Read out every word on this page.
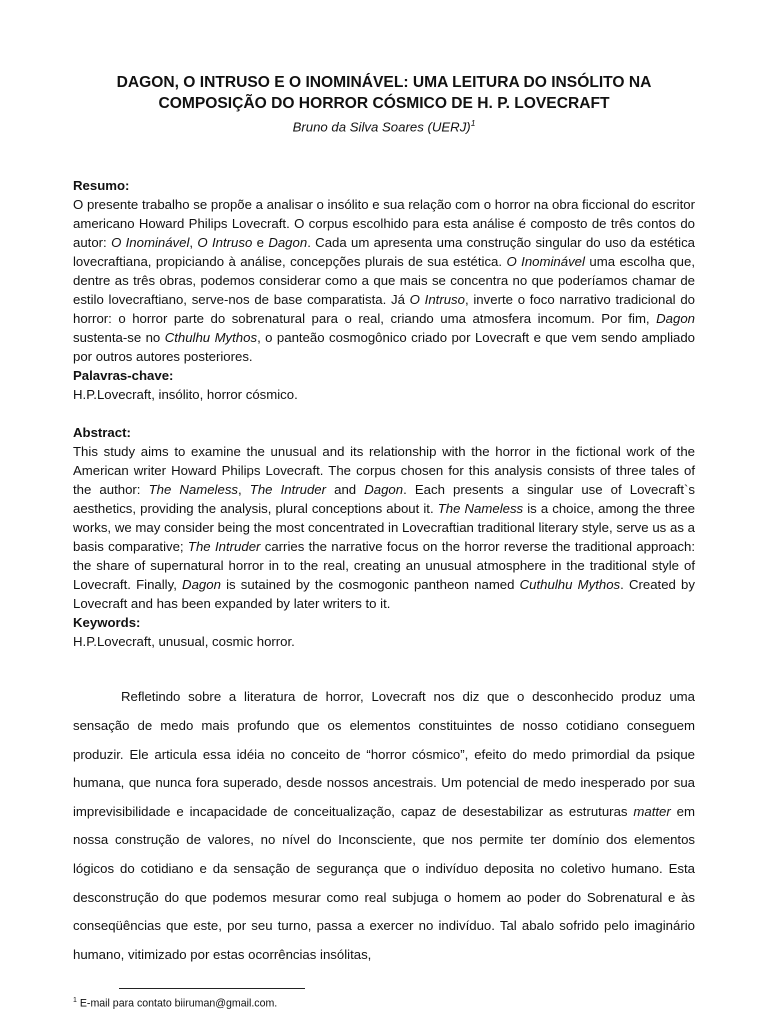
DAGON, O INTRUSO E O INOMINÁVEL: UMA LEITURA DO INSÓLITO NA
COMPOSIÇÃO DO HORROR CÓSMICO DE H. P. LOVECRAFT

Bruno da Silva Soares (UERJ)$^1$

Resumo:

O presente trabalho se propõe a analisar o insólito e sua relação com o horror na obra ficcional do escritor americano Howard Philips Lovecraft. O corpus escolhido para esta análise é composto de três contos do autor: O Inominável, O Intruso e Dagon. Cada um apresenta uma construção singular do uso da estética lovecraftiana, propiciando à análise, concepções plurais de sua estética. O Inominável uma escolha que, dentre as três obras, podemos considerar como a que mais se concentra no que poderíamos chamar de estilo lovecraftiano, serve-nos de base comparatista. Já O Intruso, inverte o foco narrativo tradicional do horror: o horror parte do sobrenatural para o real, criando uma atmosfera incomum. Por fim, Dagon sustenta-se no Cthulhu Mythos, o panteão cosmogônico criado por Lovecraft e que vem sendo ampliado por outros autores posteriores.

Palavras-chave:

H.P.Lovecraft, insólito, horror cósmico.

Abstract:

This study aims to examine the unusual and its relationship with the horror in the fictional work of the American writer Howard Philips Lovecraft. The corpus chosen for this analysis consists of three tales of the author: The Nameless, The Intruder and Dagon. Each presents a singular use of Lovecraft`s aesthetics, providing the analysis, plural conceptions about it. The Nameless is a choice, among the three works, we may consider being the most concentrated in Lovecraftian traditional literary style, serve us as a basis comparative; The Intruder carries the narrative focus on the horror reverse the traditional approach: the share of supernatural horror in to the real, creating an unusual atmosphere in the traditional style of Lovecraft. Finally, Dagon is sutained by the cosmogonic pantheon named Cuthulhu Mythos. Created by Lovecraft and has been expanded by later writers to it.

Keywords:

H.P.Lovecraft, unusual, cosmic horror.

Refletindo sobre a literatura de horror, Lovecraft nos diz que o desconhecido produz uma sensação de medo mais profundo que os elementos constituintes de nosso cotidiano conseguem produzir. Ele articula essa idéia no conceito de “horror cósmico”, efeito do medo primordial da psique humana, que nunca fora superado, desde nossos ancestrais. Um potencial de medo inesperado por sua imprevisibilidade e incapacidade de conceitualização, capaz de desestabilizar as estruturas matter em nossa construção de valores, no nível do Inconsciente, que nos permite ter domínio dos elementos lógicos do cotidiano e da sensação de segurança que o indivíduo deposita no coletivo humano. Esta desconstrução do que podemos mesurar como real subjuga o homem ao poder do Sobrenatural e às conseqüências que este, por seu turno, passa a exercer no indivíduo. Tal abalo sofrido pelo imaginário humano, vitimizado por estas ocorrências insólitas,

$^1$ E-mail para contato biiruman@gmail.com.
